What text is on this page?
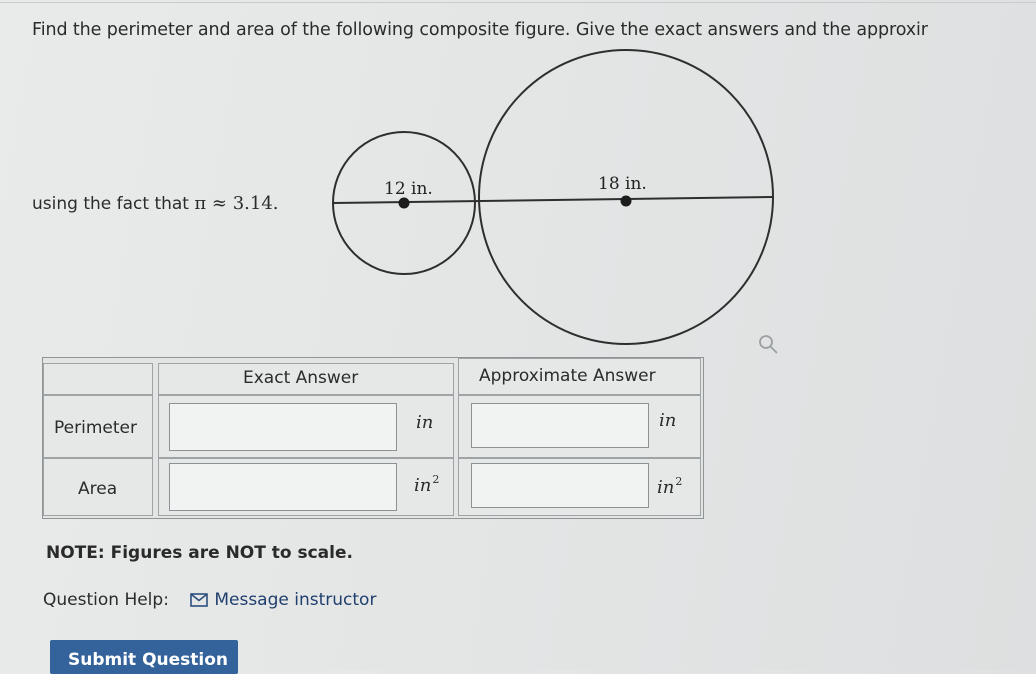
Find the perimeter and area of the following composite figure. Give the exact answers and the approxir
using the fact that π ≈ 3.14.
12 in.	18 in.
Exact Answer	Approximate Answer
Perimeter	in	in
Area	$in^2$	$in^2$
NOTE: Figures are NOT to scale.
Question Help:	Message instructor
Submit Question
